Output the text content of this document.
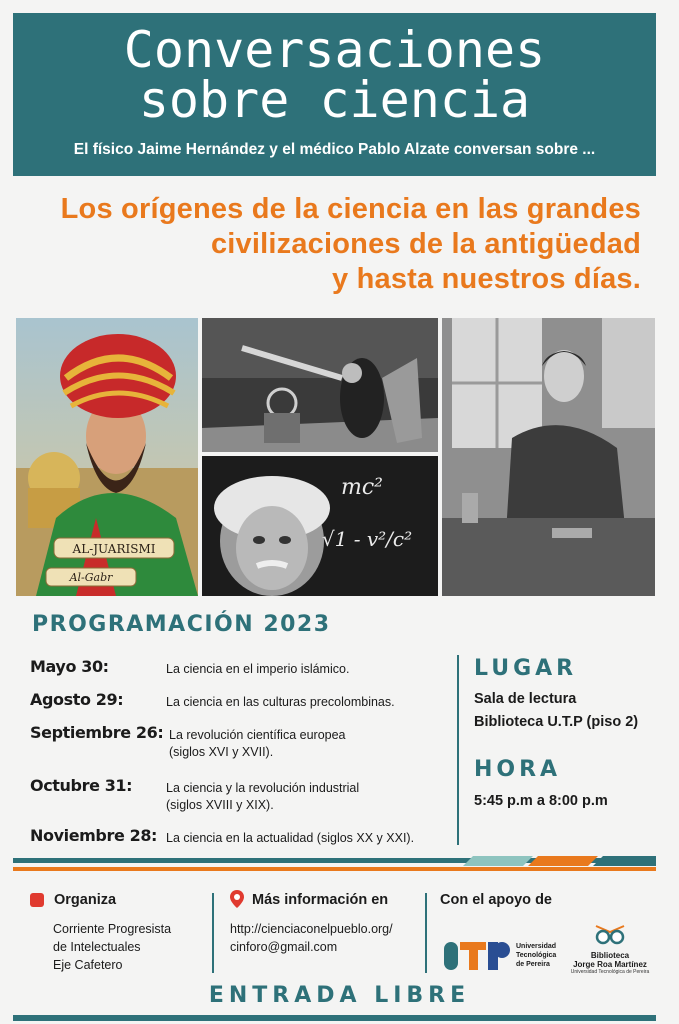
Conversaciones
sobre ciencia
El físico Jaime Hernández y el médico Pablo Alzate conversan sobre ...
Los orígenes de la ciencia en las grandes
civilizaciones de la antigüedad
y hasta nuestros días.
AL-JUARISMI
Al-Gabr
mc²
√1 - v²/c²
PROGRAMACIÓN 2023
Mayo 30:	La ciencia en el imperio islámico.
Agosto 29:	La ciencia en las culturas precolombinas.
Septiembre 26: La revolución científica europea
(siglos XVI y XVII).
Octubre 31:	La ciencia y la revolución industrial
(siglos XVIII y XIX).
Noviembre 28: La ciencia en la actualidad (siglos XX y XXI).
LUGAR
Sala de lectura
Biblioteca U.T.P (piso 2)
HORA
5:45 p.m a 8:00 p.m
Organiza
Corriente Progresista
de Intelectuales
Eje Cafetero
Más información en
http://cienciaconelpueblo.org/
cinforo@gmail.com
Con el apoyo de
UTP
Universidad
Tecnológica
de Pereira
Biblioteca
Jorge Roa Martínez
Universidad Tecnológica de Pereira
ENTRADA LIBRE
